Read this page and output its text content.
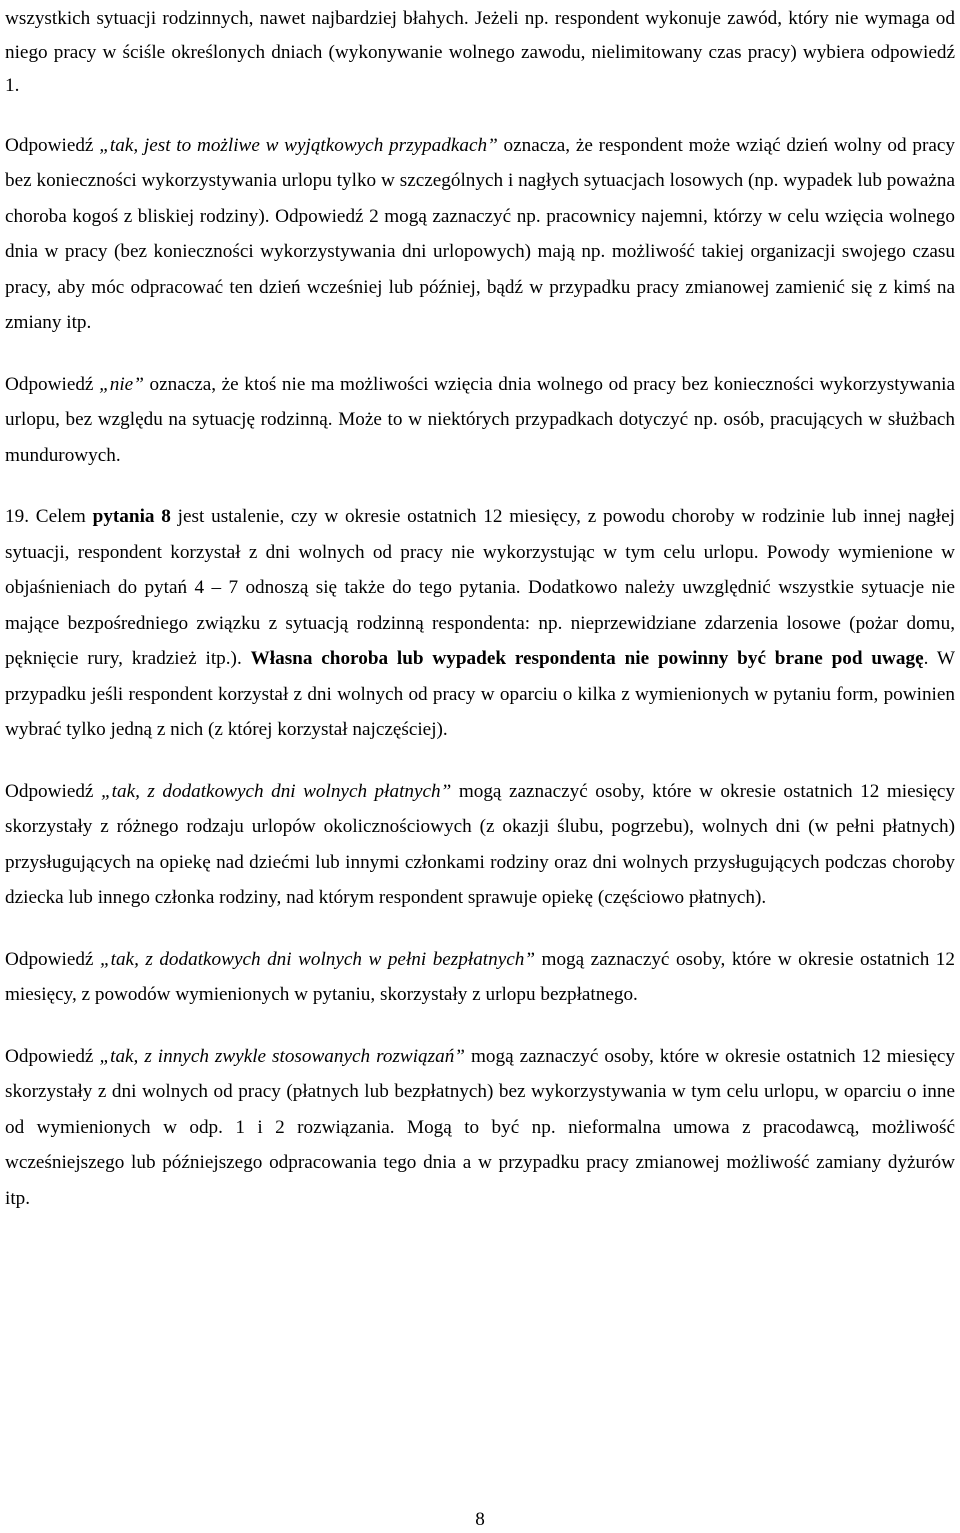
wszystkich sytuacji rodzinnych, nawet najbardziej błahych. Jeżeli np. respondent wykonuje zawód, który nie wymaga od niego pracy w ściśle określonych dniach (wykonywanie wolnego zawodu, nielimitowany czas pracy) wybiera odpowiedź 1.

Odpowiedź „tak, jest to możliwe w wyjątkowych przypadkach” oznacza, że respondent może wziąć dzień wolny od pracy bez konieczności wykorzystywania urlopu tylko w szczególnych i nagłych sytuacjach losowych (np. wypadek lub poważna choroba kogoś z bliskiej rodziny). Odpowiedź 2 mogą zaznaczyć np. pracownicy najemni, którzy w celu wzięcia wolnego dnia w pracy (bez konieczności wykorzystywania dni urlopowych) mają np. możliwość takiej organizacji swojego czasu pracy, aby móc odpracować ten dzień wcześniej lub później, bądź w przypadku pracy zmianowej zamienić się z kimś na zmiany itp.

Odpowiedź „nie” oznacza, że ktoś nie ma możliwości wzięcia dnia wolnego od pracy bez konieczności wykorzystywania urlopu, bez względu na sytuację rodzinną. Może to w niektórych przypadkach dotyczyć np. osób, pracujących w służbach mundurowych.

19. Celem pytania 8 jest ustalenie, czy w okresie ostatnich 12 miesięcy, z powodu choroby w rodzinie lub innej nagłej sytuacji, respondent korzystał z dni wolnych od pracy nie wykorzystując w tym celu urlopu. Powody wymienione w objaśnieniach do pytań 4 – 7 odnoszą się także do tego pytania. Dodatkowo należy uwzględnić wszystkie sytuacje nie mające bezpośredniego związku z sytuacją rodzinną respondenta: np. nieprzewidziane zdarzenia losowe (pożar domu, pęknięcie rury, kradzież itp.). Własna choroba lub wypadek respondenta nie powinny być brane pod uwagę. W przypadku jeśli respondent korzystał z dni wolnych od pracy w oparciu o kilka z wymienionych w pytaniu form, powinien wybrać tylko jedną z nich (z której korzystał najczęściej).

Odpowiedź „tak, z dodatkowych dni wolnych płatnych” mogą zaznaczyć osoby, które w okresie ostatnich 12 miesięcy skorzystały z różnego rodzaju urlopów okolicznościowych (z okazji ślubu, pogrzebu), wolnych dni (w pełni płatnych) przysługujących na opiekę nad dziećmi lub innymi członkami rodziny oraz dni wolnych przysługujących podczas choroby dziecka lub innego członka rodziny, nad którym respondent sprawuje opiekę (częściowo płatnych).

Odpowiedź „tak, z dodatkowych dni wolnych w pełni bezpłatnych” mogą zaznaczyć osoby, które w okresie ostatnich 12 miesięcy, z powodów wymienionych w pytaniu, skorzystały z urlopu bezpłatnego.

Odpowiedź „tak, z innych zwykle stosowanych rozwiązań” mogą zaznaczyć osoby, które w okresie ostatnich 12 miesięcy skorzystały z dni wolnych od pracy (płatnych lub bezpłatnych) bez wykorzystywania w tym celu urlopu, w oparciu o inne od wymienionych w odp. 1 i 2 rozwiązania. Mogą to być np. nieformalna umowa z pracodawcą, możliwość wcześniejszego lub późniejszego odpracowania tego dnia a w przypadku pracy zmianowej możliwość zamiany dyżurów itp.

8
